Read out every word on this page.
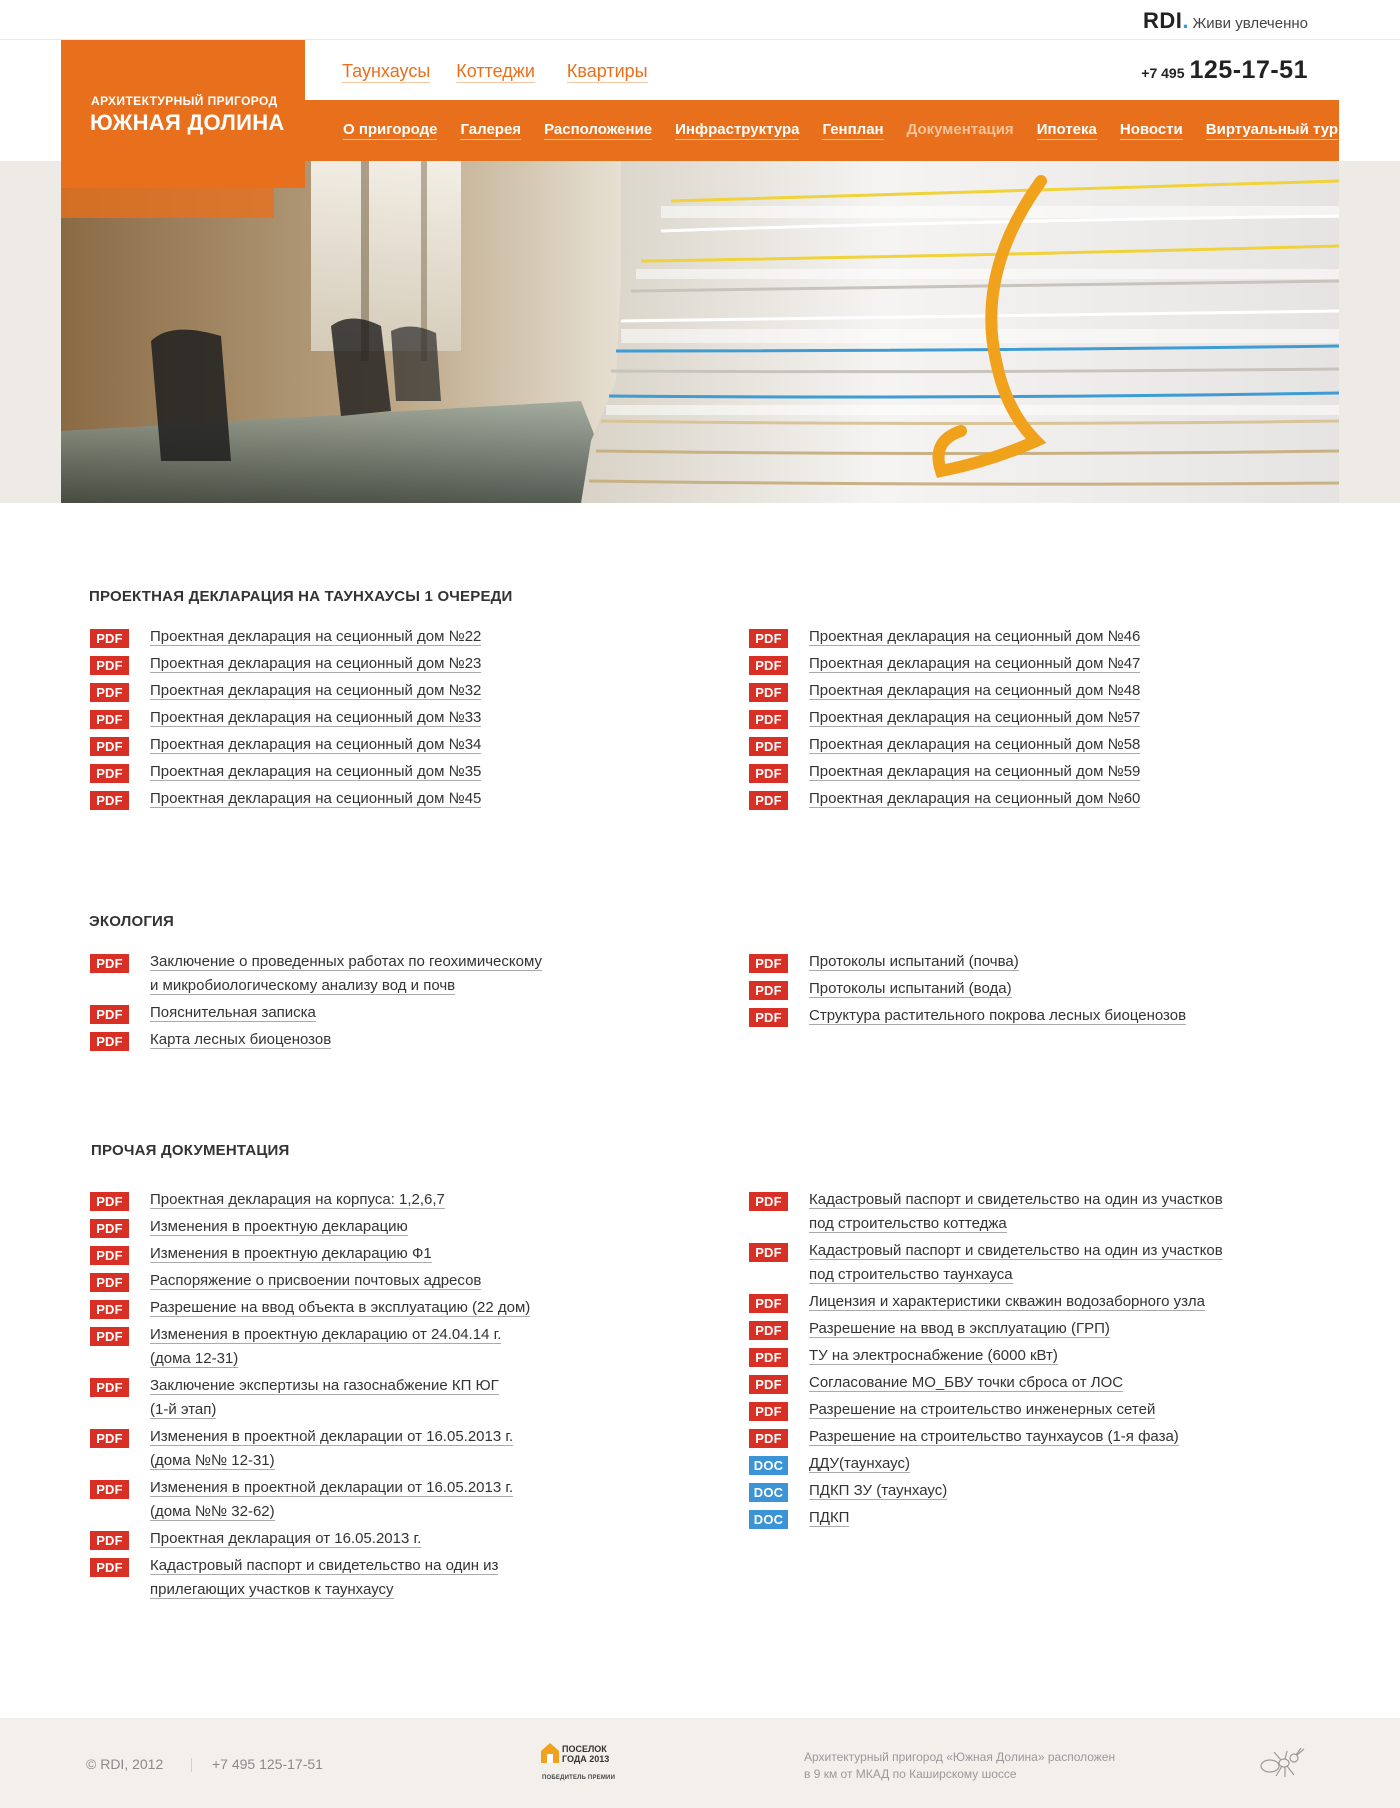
RDI . Живи увлеченно
АРХИТЕКТУРНЫЙ ПРИГОРОД
ЮЖНАЯ ДОЛИНА
Таунхаусы Коттеджи Квартиры	+7 495 125-17-51
О пригороде Галерея Расположение Инфраструктура Генплан Документация Ипотека Новости Виртуальный тур
ПРОЕКТНАЯ ДЕКЛАРАЦИЯ НА ТАУНХАУСЫ 1 ОЧЕРЕДИ
PDF	Проектная декларация на сеционный дом №22
PDF	Проектная декларация на сеционный дом №23
PDF	Проектная декларация на сеционный дом №32
PDF	Проектная декларация на сеционный дом №33
PDF	Проектная декларация на сеционный дом №34
PDF	Проектная декларация на сеционный дом №35
PDF	Проектная декларация на сеционный дом №45
PDF	Проектная декларация на сеционный дом №46
PDF	Проектная декларация на сеционный дом №47
PDF	Проектная декларация на сеционный дом №48
PDF	Проектная декларация на сеционный дом №57
PDF	Проектная декларация на сеционный дом №58
PDF	Проектная декларация на сеционный дом №59
PDF	Проектная декларация на сеционный дом №60
ЭКОЛОГИЯ
PDF	Заключение о проведенных работах по геохимическому
и микробиологическому анализу вод и почв
PDF	Пояснительная записка
PDF	Карта лесных биоценозов
PDF	Протоколы испытаний (почва)
PDF	Протоколы испытаний (вода)
PDF	Структура растительного покрова лесных биоценозов
ПРОЧАЯ ДОКУМЕНТАЦИЯ
PDF	Проектная декларация на корпуса: 1,2,6,7
PDF	Изменения в проектную декларацию
PDF	Изменения в проектную декларацию Ф1
PDF	Распоряжение о присвоении почтовых адресов
PDF	Разрешение на ввод объекта в эксплуатацию (22 дом)
PDF	Изменения в проектную декларацию от 24.04.14 г.
(дома 12-31)
PDF	Заключение экспертизы на газоснабжение КП ЮГ
(1-й этап)
PDF	Изменения в проектной декларации от 16.05.2013 г.
(дома №№ 12-31)
PDF	Изменения в проектной декларации от 16.05.2013 г.
(дома №№ 32-62)
PDF	Проектная декларация от 16.05.2013 г.
PDF	Кадастровый паспорт и свидетельство на один из
прилегающих участков к таунхаусу
PDF	Кадастровый паспорт и свидетельство на один из участков
под строительство коттеджа
PDF	Кадастровый паспорт и свидетельство на один из участков
под строительство таунхауса
PDF	Лицензия и характеристики скважин водозаборного узла
PDF	Разрешение на ввод в эксплуатацию (ГРП)
PDF	ТУ на электроснабжение (6000 кВт)
PDF	Согласование МО_БВУ точки сброса от ЛОС
PDF	Разрешение на строительство инженерных сетей
PDF	Разрешение на строительство таунхаусов (1-я фаза)
DOC	ДДУ(таунхаус)
DOC	ПДКП ЗУ (таунхаус)
DOC	ПДКП
© RDI, 2012	+7 495 125-17-51
ПОСЕЛОК
ГОДА 2013
ПОБЕДИТЕЛЬ ПРЕМИИ
Архитектурный пригород «Южная Долина» расположен в 9 км от МКАД по Каширскому шоссе
